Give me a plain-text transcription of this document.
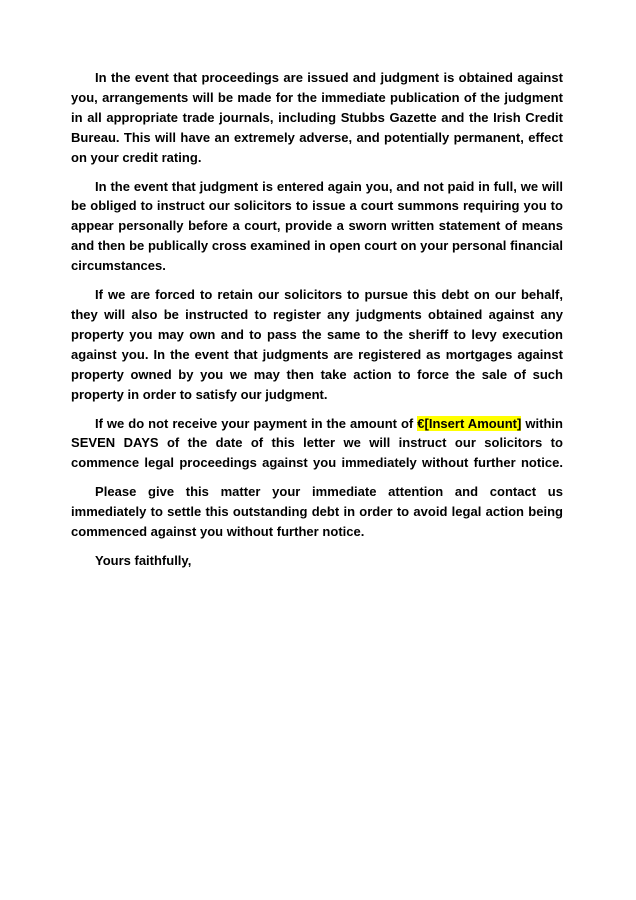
In the event that proceedings are issued and judgment is obtained against you, arrangements will be made for the immediate publication of the judgment in all appropriate trade journals, including Stubbs Gazette and the Irish Credit Bureau. This will have an extremely adverse, and potentially permanent, effect on your credit rating.

In the event that judgment is entered again you, and not paid in full, we will be obliged to instruct our solicitors to issue a court summons requiring you to appear personally before a court, provide a sworn written statement of means and then be publically cross examined in open court on your personal financial circumstances.

If we are forced to retain our solicitors to pursue this debt on our behalf, they will also be instructed to register any judgments obtained against any property you may own and to pass the same to the sheriff to levy execution against you. In the event that judgments are registered as mortgages against property owned by you we may then take action to force the sale of such property in order to satisfy our judgment.

If we do not receive your payment in the amount of €[Insert Amount] within SEVEN DAYS of the date of this letter we will instruct our solicitors to commence legal proceedings against you immediately without further notice.

Please give this matter your immediate attention and contact us immediately to settle this outstanding debt in order to avoid legal action being commenced against you without further notice.

Yours faithfully,
